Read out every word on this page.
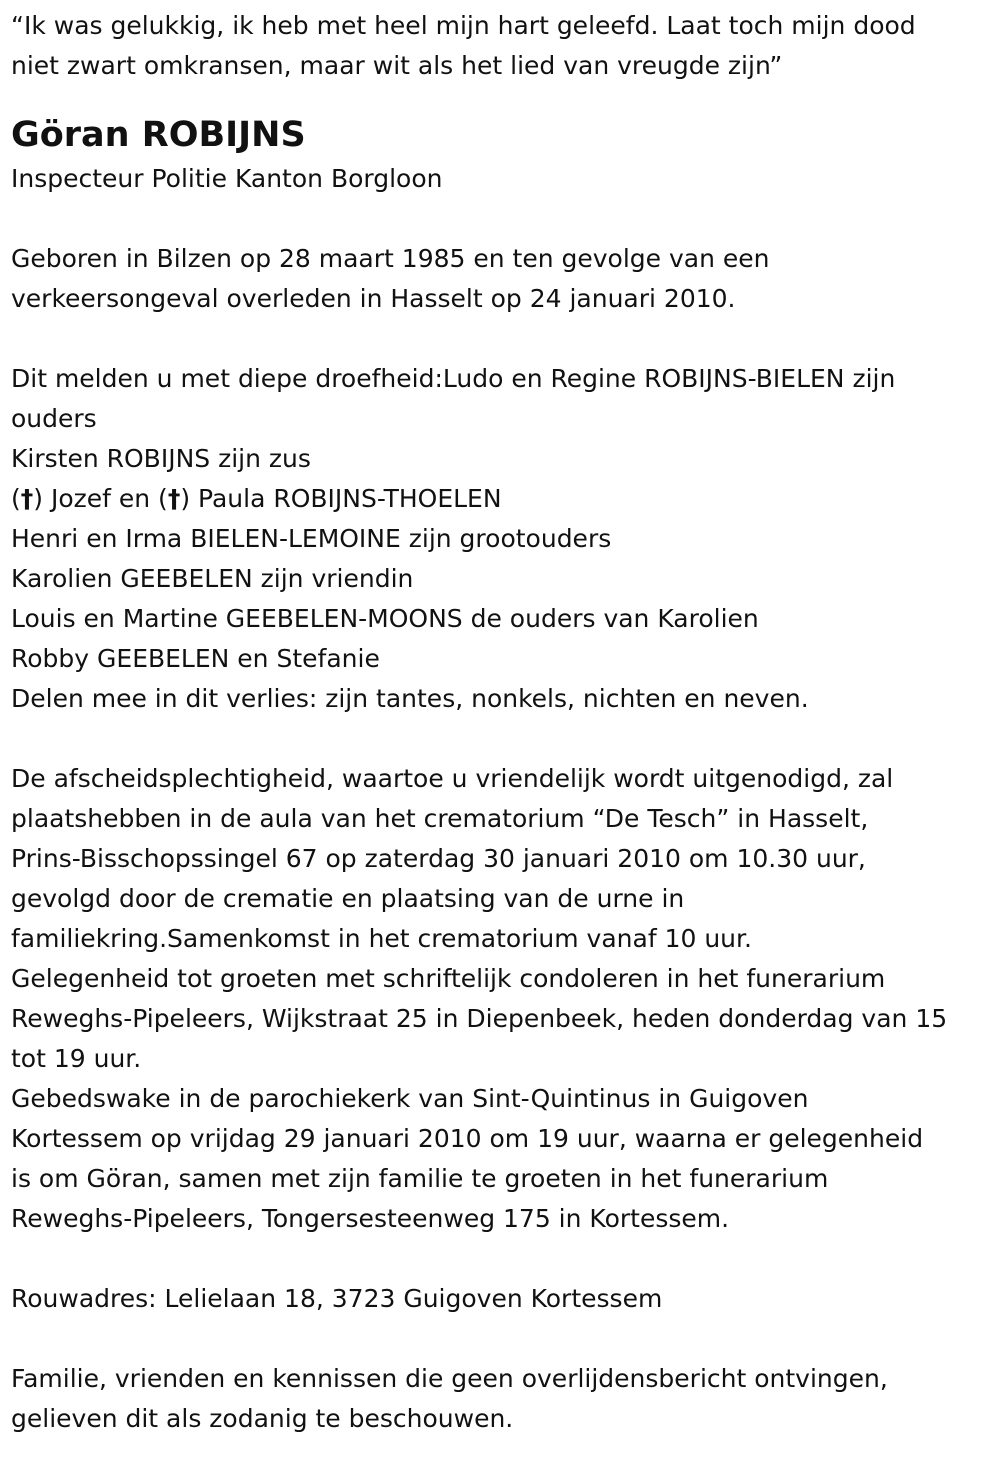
“Ik was gelukkig, ik heb met heel mijn hart geleefd. Laat toch mijn dood
niet zwart omkransen, maar wit als het lied van vreugde zijn”
Göran ROBIJNS
Inspecteur Politie Kanton Borgloon
Geboren in Bilzen op 28 maart 1985 en ten gevolge van een
verkeersongeval overleden in Hasselt op 24 januari 2010.
Dit melden u met diepe droefheid:Ludo en Regine ROBIJNS-BIELEN zijn
ouders
Kirsten ROBIJNS zijn zus
(†) Jozef en (†) Paula ROBIJNS-THOELEN
Henri en Irma BIELEN-LEMOINE zijn grootouders
Karolien GEEBELEN zijn vriendin
Louis en Martine GEEBELEN-MOONS de ouders van Karolien
Robby GEEBELEN en Stefanie
Delen mee in dit verlies: zijn tantes, nonkels, nichten en neven.
De afscheidsplechtigheid, waartoe u vriendelijk wordt uitgenodigd, zal
plaatshebben in de aula van het crematorium “De Tesch” in Hasselt,
Prins-Bisschopssingel 67 op zaterdag 30 januari 2010 om 10.30 uur,
gevolgd door de crematie en plaatsing van de urne in
familiekring.Samenkomst in het crematorium vanaf 10 uur.
Gelegenheid tot groeten met schriftelijk condoleren in het funerarium
Reweghs-Pipeleers, Wijkstraat 25 in Diepenbeek, heden donderdag van 15
tot 19 uur.
Gebedswake in de parochiekerk van Sint-Quintinus in Guigoven
Kortessem op vrijdag 29 januari 2010 om 19 uur, waarna er gelegenheid
is om Göran, samen met zijn familie te groeten in het funerarium
Reweghs-Pipeleers, Tongersesteenweg 175 in Kortessem.
Rouwadres: Lelielaan 18, 3723 Guigoven Kortessem
Familie, vrienden en kennissen die geen overlijdensbericht ontvingen,
gelieven dit als zodanig te beschouwen.
